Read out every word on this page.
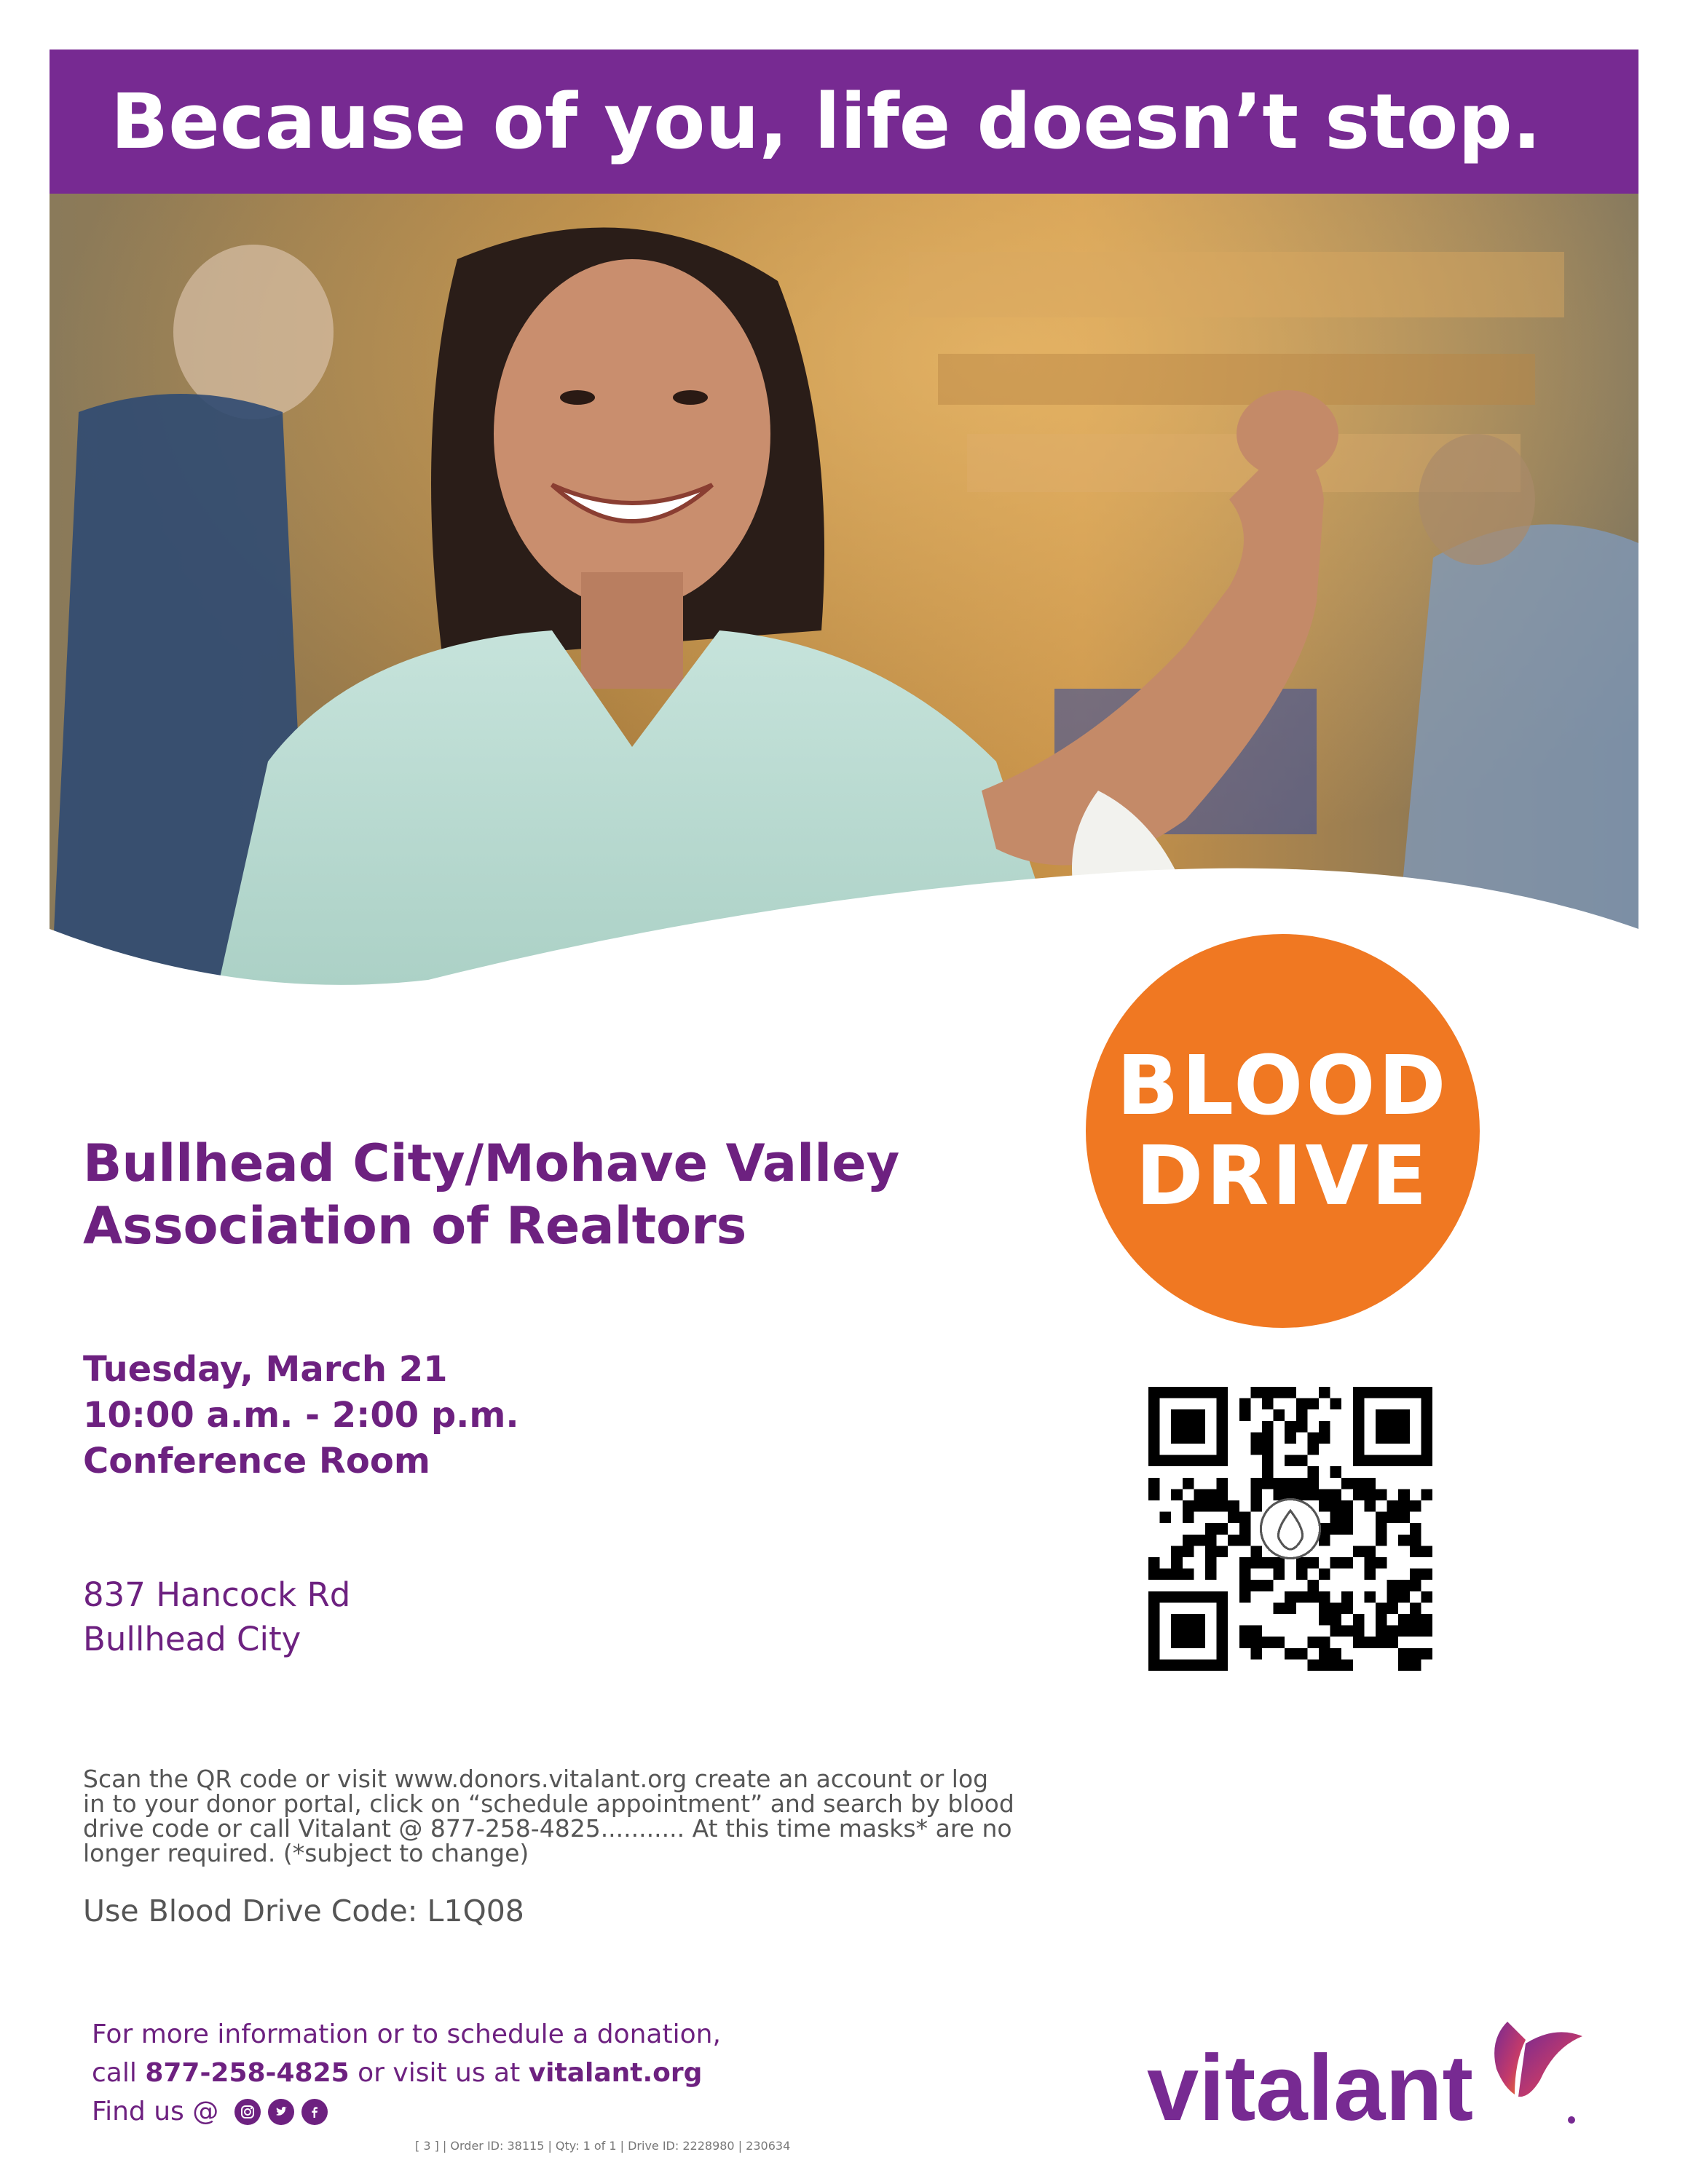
Because of you, life doesn’t stop.
BLOOD
DRIVE
Bullhead City/Mohave Valley Association of Realtors
Tuesday, March 21
10:00 a.m. - 2:00 p.m.
Conference Room
837 Hancock Rd
Bullhead City

Scan the QR code or visit www.donors.vitalant.org create an account or log in to your donor portal, click on “schedule appointment” and search by blood drive code or call Vitalant @ 877-258-4825........... At this time masks* are no longer required. (*subject to change)

Use Blood Drive Code: L1Q08
For more information or to schedule a donation,
call 877-258-4825 or visit us at vitalant.org
Find us @
[ 3 ] | Order ID: 38115 | Qty: 1 of 1 | Drive ID: 2228980 | 230634
vitalant
